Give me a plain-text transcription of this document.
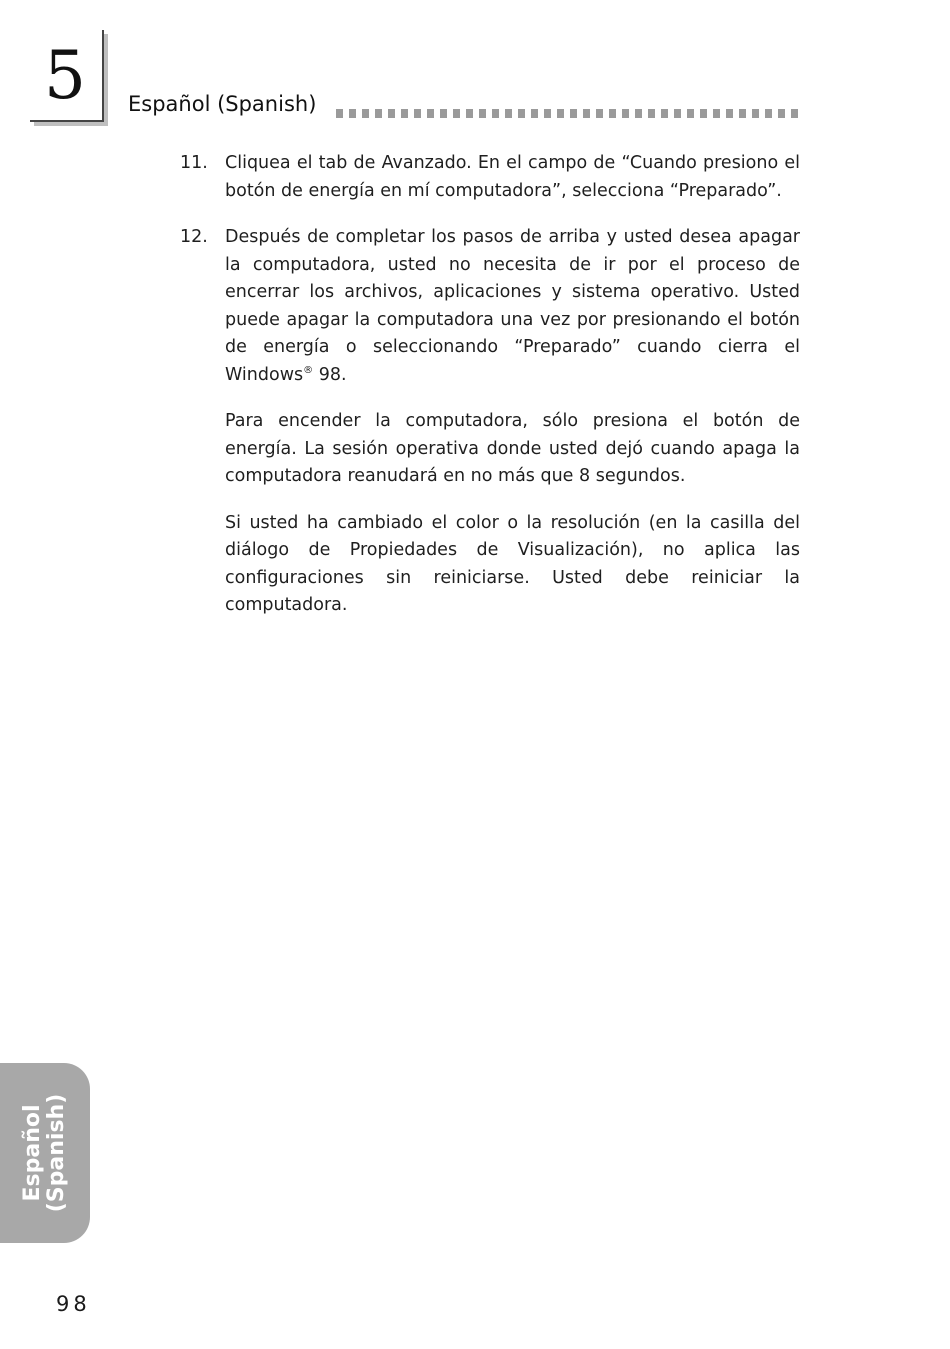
5 Español (Spanish)
11. Cliquea el tab de Avanzado. En el campo de “Cuando presiono el botón de energía en mí computadora”, selecciona “Preparado”.
12. Después de completar los pasos de arriba y usted desea apagar la computadora, usted no necesita de ir por el proceso de encerrar los archivos, aplicaciones y sistema operativo. Usted puede apagar la computadora una vez por presionando el botón de energía o seleccionando “Preparado” cuando cierra el Windows® 98.
Para encender la computadora, sólo presiona el botón de energía. La sesión operativa donde usted dejó cuando apaga la computadora reanudará en no más que 8 segundos.
Si usted ha cambiado el color o la resolución (en la casilla del diálogo de Propiedades de Visualización), no aplica las configuraciones sin reiniciarse. Usted debe reiniciar la computadora.
Español (Spanish)
98
